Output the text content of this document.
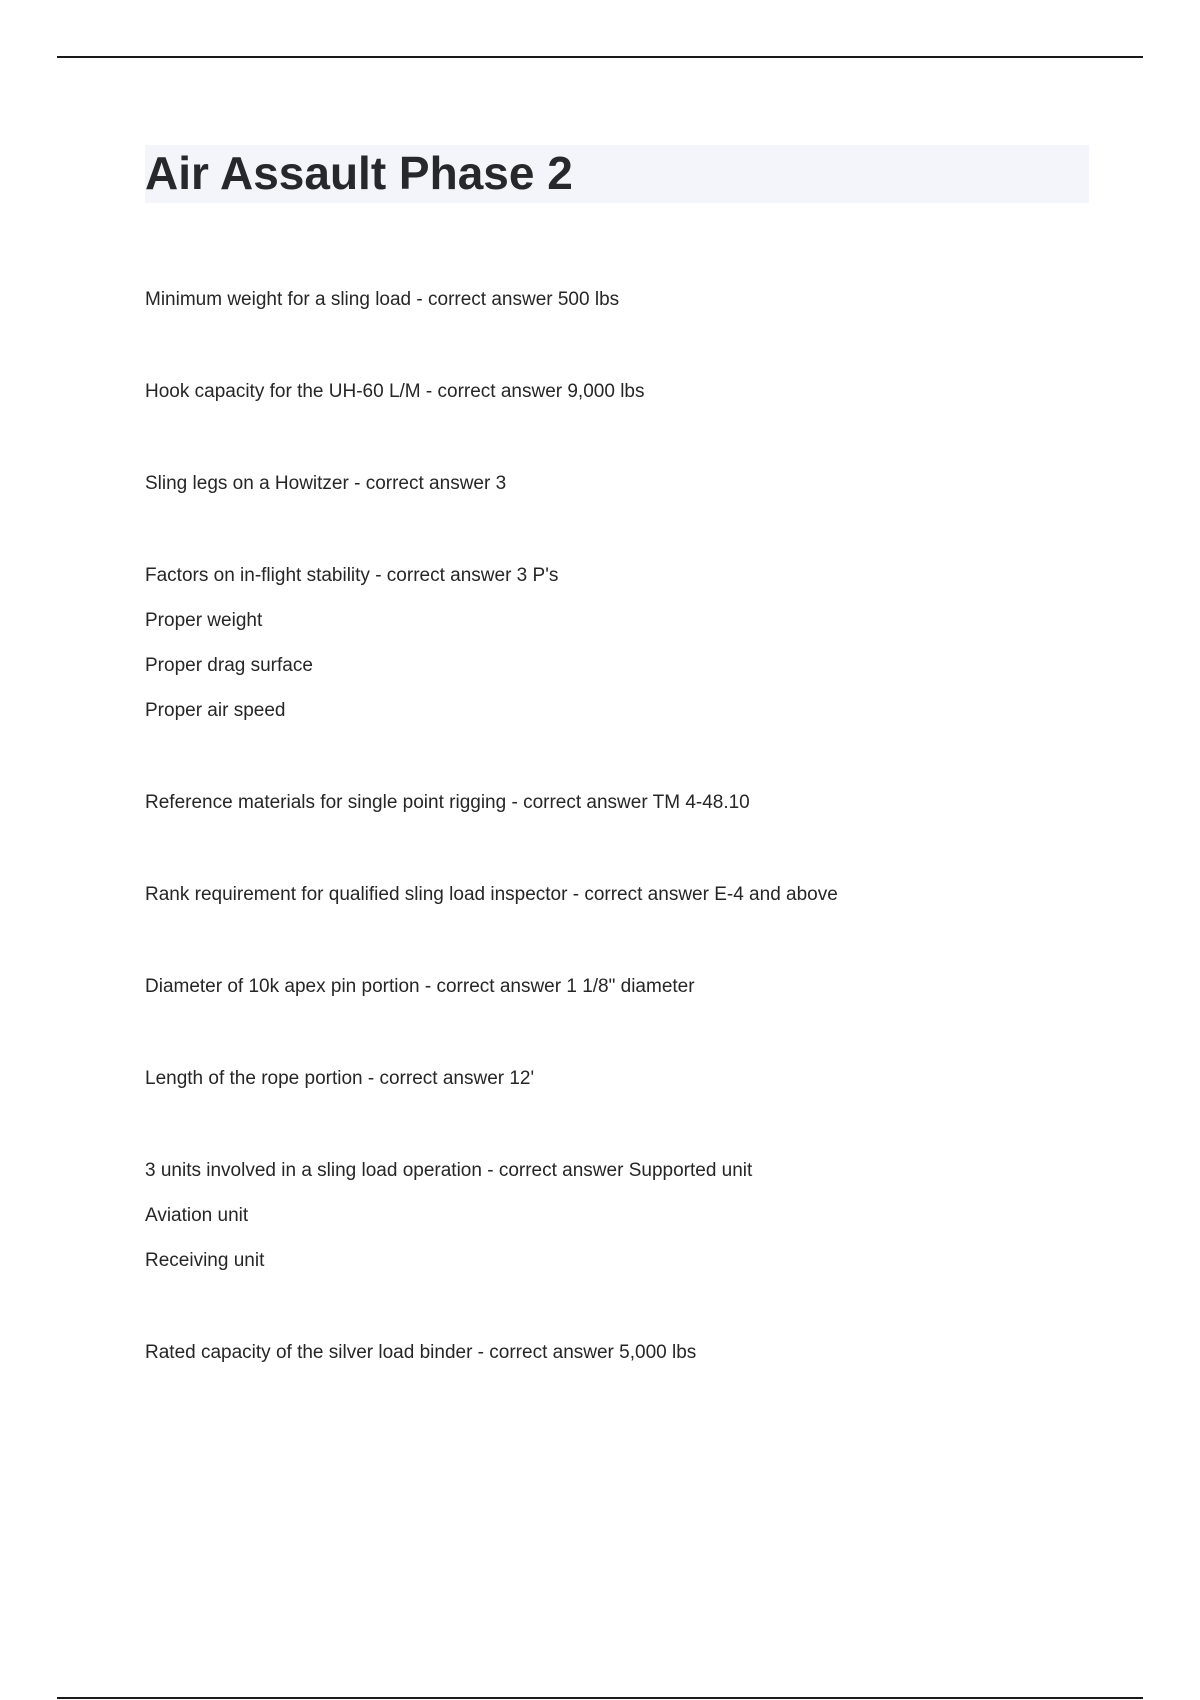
Air Assault Phase 2
Minimum weight for a sling load - correct answer 500 lbs
Hook capacity for the UH-60 L/M - correct answer 9,000 lbs
Sling legs on a Howitzer - correct answer 3
Factors on in-flight stability - correct answer 3 P's
Proper weight
Proper drag surface
Proper air speed
Reference materials for single point rigging - correct answer TM 4-48.10
Rank requirement for qualified sling load inspector - correct answer E-4 and above
Diameter of 10k apex pin portion - correct answer 1 1/8" diameter
Length of the rope portion - correct answer 12'
3 units involved in a sling load operation - correct answer Supported unit
Aviation unit
Receiving unit
Rated capacity of the silver load binder - correct answer 5,000 lbs
